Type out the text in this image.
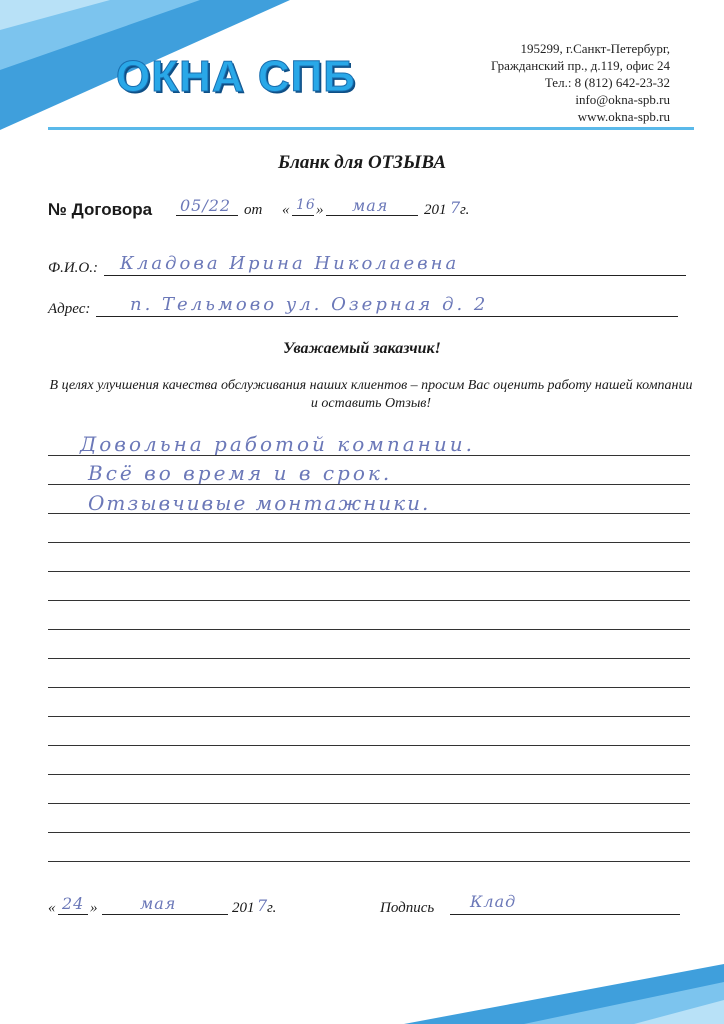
ОКНА СПБ
195299, г.Санкт-Петербург,
Гражданский пр., д.119, офис 24
Тел.: 8 (812) 642-23-32
info@okna-spb.ru
www.okna-spb.ru
Бланк для ОТЗЫВА
№ Договора 05/22 от « 16 » мая 201 7
г.
Ф.И.О.: Кладова Ирина Николаевна
Адрес: п. Тельмово ул. Озерная д. 2
Уважаемый заказчик!
В целях улучшения качества обслуживания наших клиентов – просим Вас оценить работу нашей компании и оставить Отзыв!
Довольна работой компании.
Всё во время и в срок.
Отзывчивые монтажники.
« 24 »	мая	201 7
г.	Подпись Клад
